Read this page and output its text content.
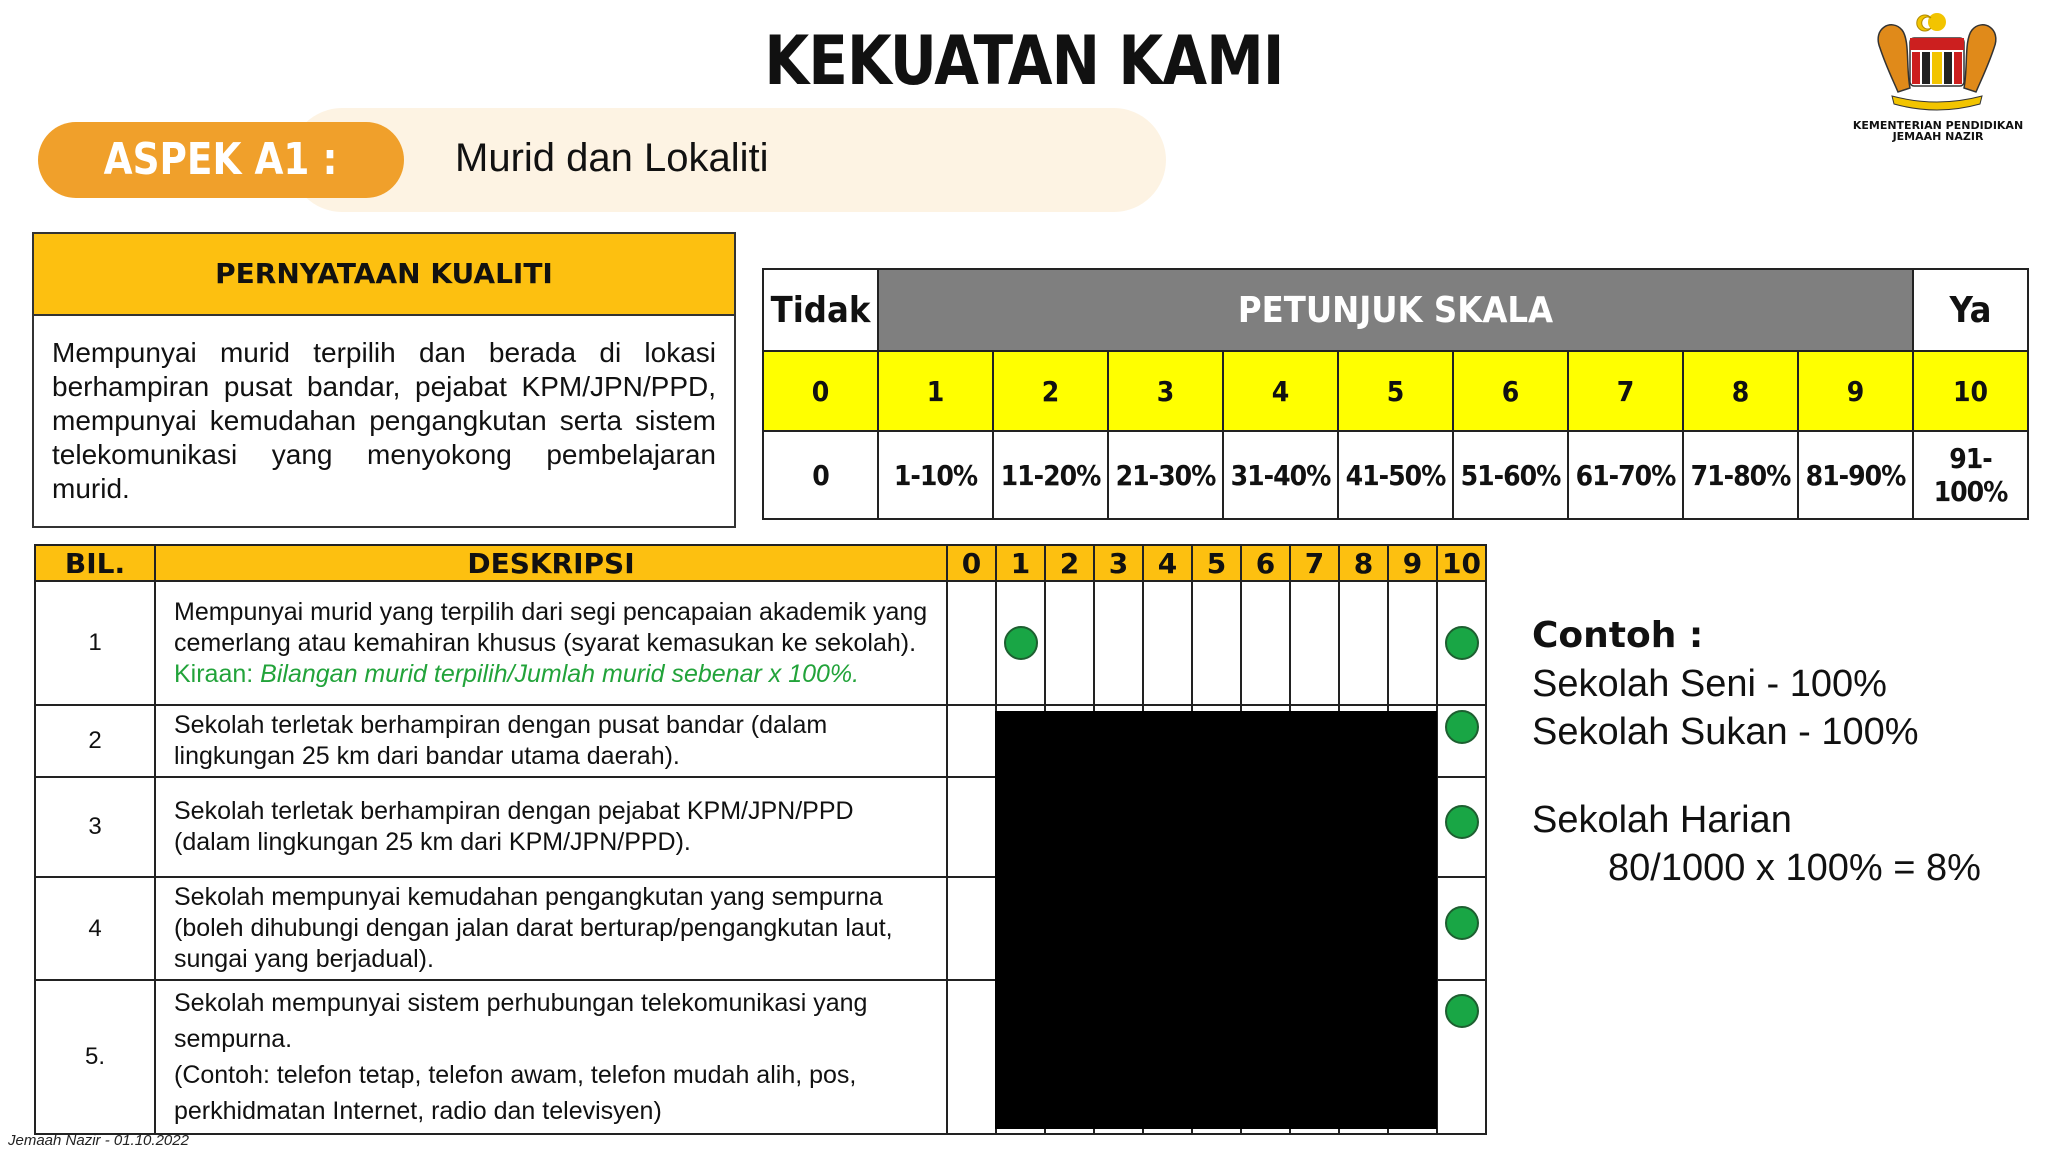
KEKUATAN KAMI
ASPEK A1 :	Murid dan Lokaliti
KEMENTERIAN PENDIDIKAN
JEMAAH NAZIR
PERNYATAAN KUALITI
Mempunyai murid terpilih dan berada di lokasi berhampiran pusat bandar, pejabat KPM/JPN/PPD, mempunyai kemudahan pengangkutan serta sistem telekomunikasi yang menyokong pembelajaran murid.
Tidak	PETUNJUK SKALA									Ya
0	1	2	3	4	5	6	7	8	9	10
0	1-10%	11-20%	21-30%	31-40%	41-50%	51-60%	61-70%	71-80%	81-90%	91-100%
BIL.	DESKRIPSI	0	1	2	3	4	5	6	7	8	9	10
1	Mempunyai murid yang terpilih dari segi pencapaian akademik yang cemerlang atau kemahiran khusus (syarat kemasukan ke sekolah).
Kiraan: Bilangan murid terpilih/Jumlah murid sebenar x 100%.											

2	Sekolah terletak berhampiran dengan pusat bandar (dalam lingkungan 25 km dari bandar utama daerah).											

3	Sekolah terletak berhampiran dengan pejabat KPM/JPN/PPD (dalam lingkungan 25 km dari KPM/JPN/PPD).											

4	Sekolah mempunyai kemudahan pengangkutan yang sempurna (boleh dihubungi dengan jalan darat berturap/pengangkutan laut, sungai yang berjadual).											

5.	Sekolah mempunyai sistem perhubungan telekomunikasi yang sempurna.
(Contoh: telefon tetap, telefon awam, telefon mudah alih, pos, perkhidmatan Internet, radio dan televisyen)											

Contoh :
Sekolah Seni - 100%
Sekolah Sukan - 100%
Sekolah Harian
80/1000 x 100% = 8%
Jemaah Nazir - 01.10.2022
